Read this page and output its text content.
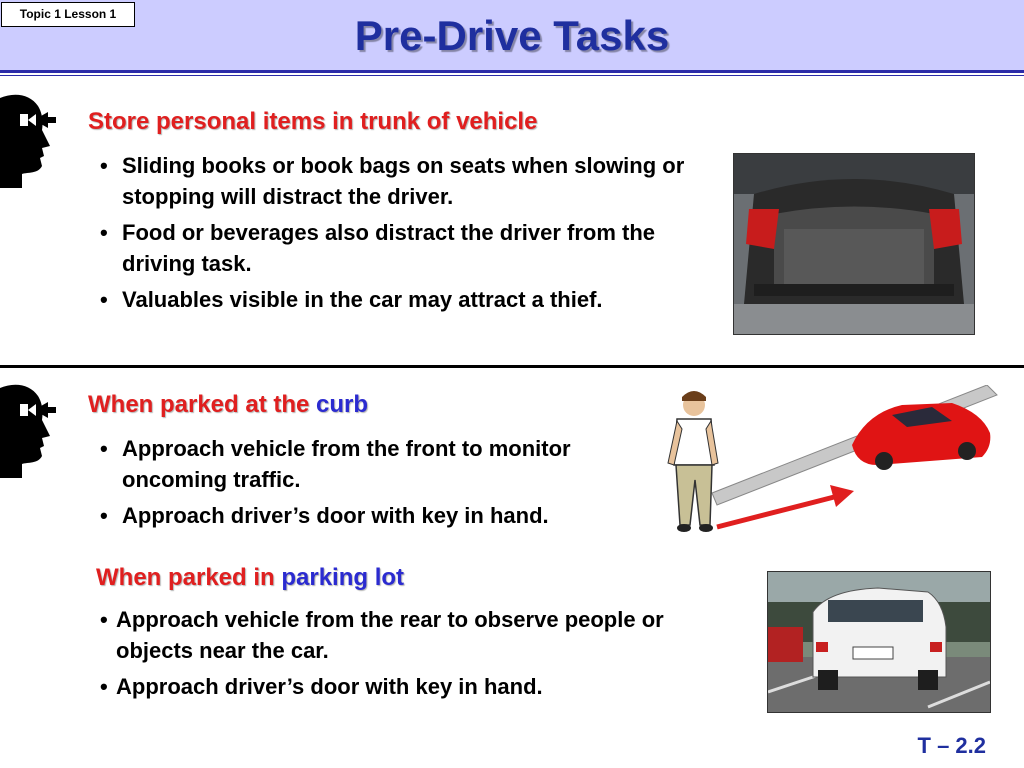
Topic 1 Lesson 1	Pre-Drive Tasks
Store personal items in trunk of vehicle
• Sliding books or book bags on seats when slowing or stopping will distract the driver.
• Food or beverages also distract the driver from the driving task.
• Valuables visible in the car may attract a thief.
When parked at the curb
• Approach vehicle from the front to monitor oncoming traffic.
• Approach driver’s door with key in hand.
When parked in parking lot
• Approach vehicle from the rear to observe people or objects near the car.
• Approach driver’s door with key in hand.
T – 2.2
